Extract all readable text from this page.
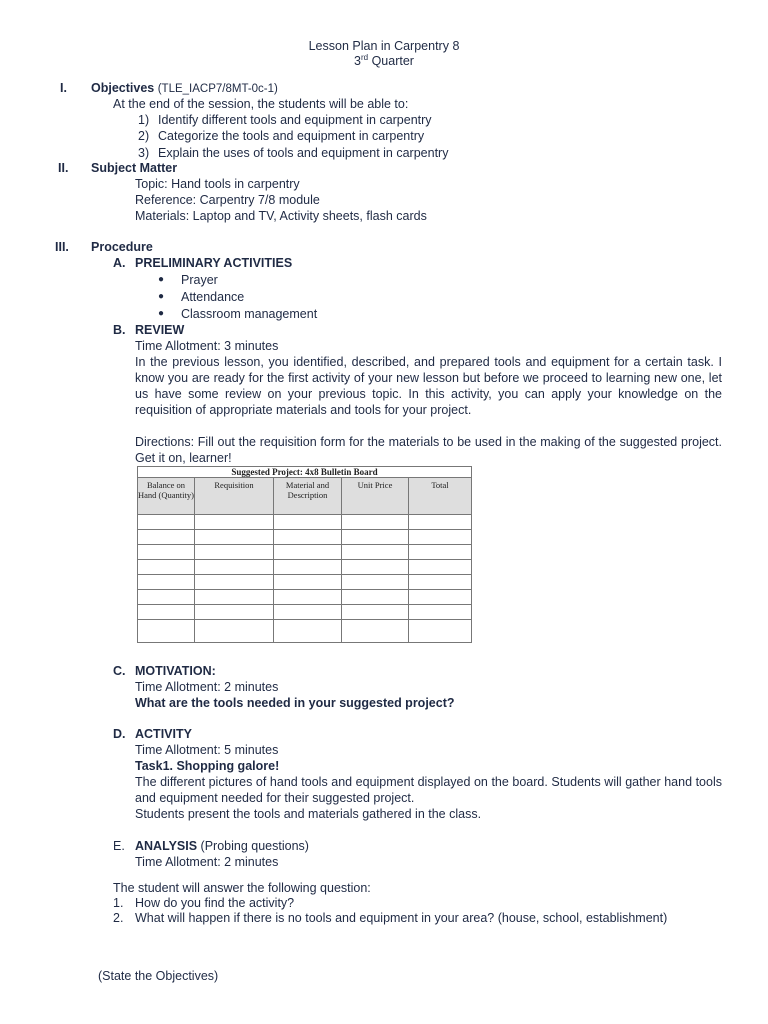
Lesson Plan in Carpentry 8
3rd Quarter
I. Objectives (TLE_IACP7/8MT-0c-1)
At the end of the session, the students will be able to:
1) Identify different tools and equipment in carpentry
2) Categorize the tools and equipment in carpentry
3) Explain the uses of tools and equipment in carpentry
II. Subject Matter
Topic: Hand tools in carpentry
Reference: Carpentry 7/8 module
Materials: Laptop and TV, Activity sheets, flash cards
III. Procedure
A. PRELIMINARY ACTIVITIES
● Prayer
● Attendance
● Classroom management
B. REVIEW
Time Allotment: 3 minutes
In the previous lesson, you identified, described, and prepared tools and equipment for a certain task. I know you are ready for the first activity of your new lesson but before we proceed to learning new one, let us have some review on your previous topic. In this activity, you can apply your knowledge on the requisition of appropriate materials and tools for your project.
Directions: Fill out the requisition form for the materials to be used in the making of the suggested project. Get it on, learner!
Suggested Project: 4x8 Bulletin Board				
Balance on Hand (Quantity)	Requisition	Material and Description	Unit Price	Total

C. MOTIVATION:
Time Allotment: 2 minutes
What are the tools needed in your suggested project?
D. ACTIVITY
Time Allotment: 5 minutes
Task1. Shopping galore!
The different pictures of hand tools and equipment displayed on the board. Students will gather hand tools and equipment needed for their suggested project.
Students present the tools and materials gathered in the class.
E. ANALYSIS (Probing questions)
Time Allotment: 2 minutes
The student will answer the following question:
1. How do you find the activity?
2. What will happen if there is no tools and equipment in your area? (house, school, establishment)
(State the Objectives)
